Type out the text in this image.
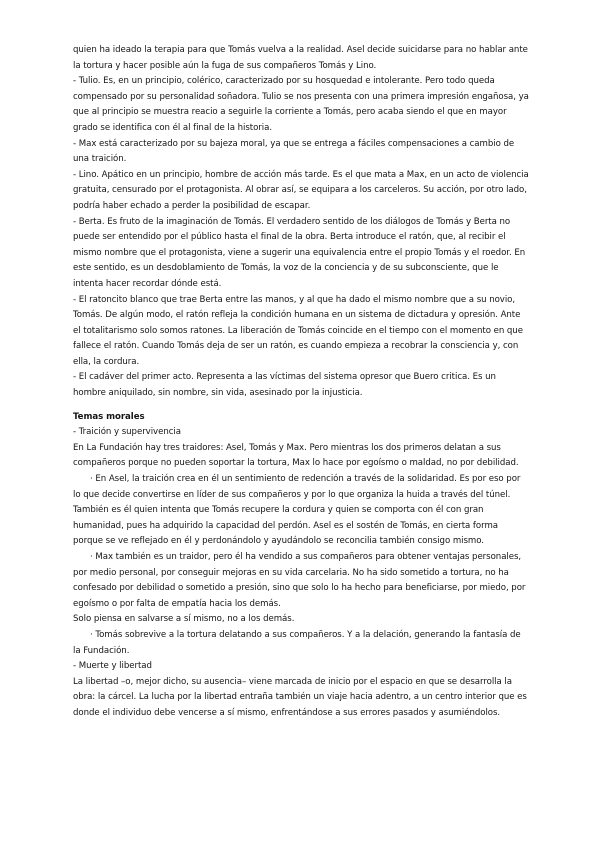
quien ha ideado la terapia para que Tomás vuelva a la realidad. Asel decide suicidarse para no hablar ante la tortura y hacer posible aún la fuga de sus compañeros Tomás y Lino.

- Tulio. Es, en un principio, colérico, caracterizado por su hosquedad e intolerante. Pero todo queda compensado por su personalidad soñadora. Tulio se nos presenta con una primera impresión engañosa, ya que al principio se muestra reacio a seguirle la corriente a Tomás, pero acaba siendo el que en mayor grado se identifica con él al final de la historia.

- Max está caracterizado por su bajeza moral, ya que se entrega a fáciles compensaciones a cambio de una traición.

- Lino. Apático en un principio, hombre de acción más tarde. Es el que mata a Max, en un acto de violencia gratuita, censurado por el protagonista. Al obrar así, se equipara a los carceleros. Su acción, por otro lado, podría haber echado a perder la posibilidad de escapar.

- Berta. Es fruto de la imaginación de Tomás. El verdadero sentido de los diálogos de Tomás y Berta no puede ser entendido por el público hasta el final de la obra. Berta introduce el ratón, que, al recibir el mismo nombre que el protagonista, viene a sugerir una equivalencia entre el propio Tomás y el roedor. En este sentido, es un desdoblamiento de Tomás, la voz de la conciencia y de su subconsciente, que le intenta hacer recordar dónde está.

- El ratoncito blanco que trae Berta entre las manos, y al que ha dado el mismo nombre que a su novio, Tomás. De algún modo, el ratón refleja la condición humana en un sistema de dictadura y opresión. Ante el totalitarismo solo somos ratones. La liberación de Tomás coincide en el tiempo con el momento en que fallece el ratón. Cuando Tomás deja de ser un ratón, es cuando empieza a recobrar la consciencia y, con ella, la cordura.

- El cadáver del primer acto. Representa a las víctimas del sistema opresor que Buero critica. Es un hombre aniquilado, sin nombre, sin vida, asesinado por la injusticia.

Temas morales

- Traición y supervivencia

En La Fundación hay tres traidores: Asel, Tomás y Max. Pero mientras los dos primeros delatan a sus compañeros porque no pueden soportar la tortura, Max lo hace por egoísmo o maldad, no por debilidad.

· En Asel, la traición crea en él un sentimiento de redención a través de la solidaridad. Es por eso por lo que decide convertirse en líder de sus compañeros y por lo que organiza la huida a través del túnel. También es él quien intenta que Tomás recupere la cordura y quien se comporta con él con gran humanidad, pues ha adquirido la capacidad del perdón. Asel es el sostén de Tomás, en cierta forma porque se ve reflejado en él y perdonándolo y ayudándolo se reconcilia también consigo mismo.

· Max también es un traidor, pero él ha vendido a sus compañeros para obtener ventajas personales, por medio personal, por conseguir mejoras en su vida carcelaria. No ha sido sometido a tortura, no ha confesado por debilidad o sometido a presión, sino que solo lo ha hecho para beneficiarse, por miedo, por egoísmo o por falta de empatía hacia los demás.

Solo piensa en salvarse a sí mismo, no a los demás.

· Tomás sobrevive a la tortura delatando a sus compañeros. Y a la delación, generando la fantasía de la Fundación.

- Muerte y libertad

La libertad –o, mejor dicho, su ausencia– viene marcada de inicio por el espacio en que se desarrolla la obra: la cárcel. La lucha por la libertad entraña también un viaje hacia adentro, a un centro interior que es donde el individuo debe vencerse a sí mismo, enfrentándose a sus errores pasados y asumiéndolos.
